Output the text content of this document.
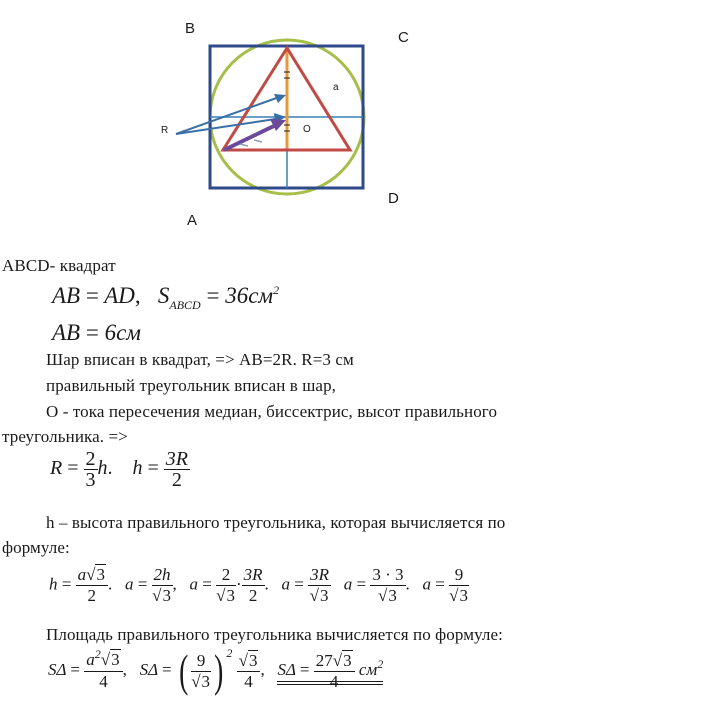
B
C
A
D
R	O
a
ABCD- квадрат
AB = AD, $S_{ABCD} = 36см^2$
AB = 6см
Шар вписан в квадрат, => AB=2R. R=3 см
правильный треугольник вписан в шар,
О - тока пересечения медиан, биссектрис, высот правильного
треугольника. =>
$R = \frac{2}{3} h$. $h = \frac{3R}{2}$
h – высота правильного треугольника, которая вычисляется по
формуле:
$h = \frac{a√3}{2}$ . $a = \frac{2h}{√3}$ , $a = \frac{2}{√3} \cdot \frac{3R}{2}$ . $a = \frac{3R}{√3}$ $a = \frac{3 \cdot 3}{√3}$ . $a = \frac{9}{√3}$
Площадь правильного треугольника вычисляется по формуле:
$S\Delta = \frac{a^2√3}{4}$ , SΔ = ( $\frac{9}{√3}$ ) $^2 \frac{√3}{4}$ , $S\Delta = \frac{27√3}{4} см^2$
